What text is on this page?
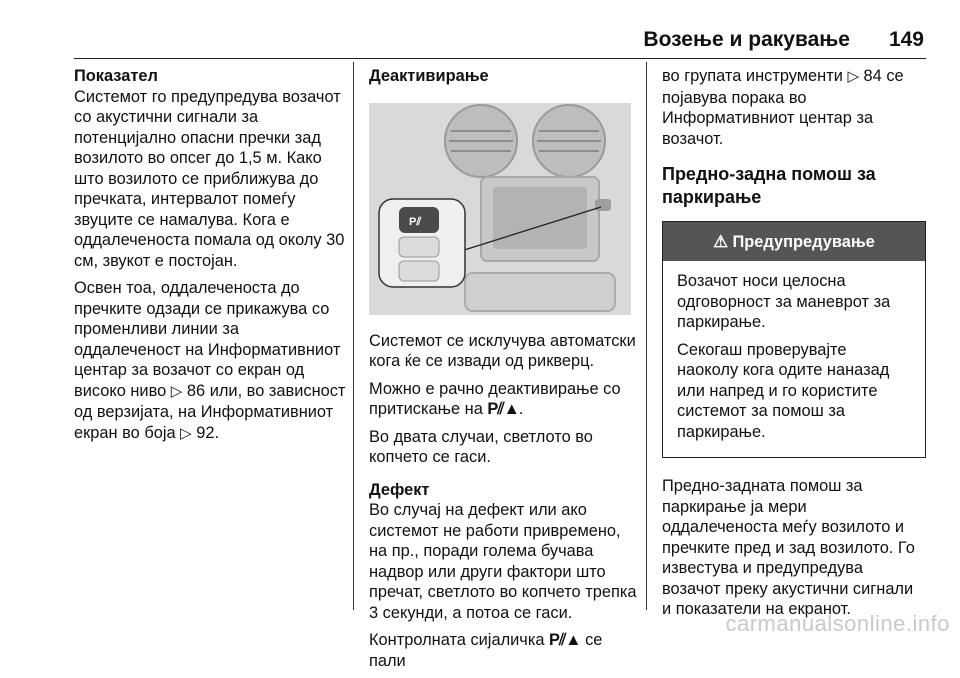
Возење и ракување	149
Показател

Системот го предупредува возачот со акустични сигнали за потенцијално опасни пречки зад возилото во опсег до 1,5 м. Како што возилото се приближува до пречката, интервалот помеѓу звуците се намалува. Кога е оддалеченоста помала од околу 30 см, звукот е постојан.

Освен тоа, оддалеченоста до пречките одзади се прикажува со променливи линии за оддалеченост на Информативниот центар за возачот со екран од високо ниво ▷ 86 или, во зависност од верзијата, на Информативниот екран во боја ▷ 92.

Деактивирање
P⫽

Системот се исклучува автоматски кога ќе се извади од рикверц.

Можно е рачно деактивирање со притискање на P⫽▲.

Во двата случаи, светлото во копчето се гаси.

Дефект

Во случај на дефект или ако системот не работи привремено, на пр., поради голема бучава надвор или други фактори што пречат, светлото во копчето трепка 3 секунди, а потоа се гаси.

Контролната сијаличка P⫽▲ се пали

во групата инструменти ▷ 84 се појавува порака во Информативниот центар за возачот.

Предно-задна помош за паркирање
⚠ Предупредување

Возачот носи целосна одговорност за маневрот за паркирање.

Секогаш проверувајте наоколу кога одите наназад или напред и го користите системот за помош за паркирање.

Предно-задната помош за паркирање ја мери оддалеченоста меѓу возилото и пречките пред и зад возилото. Го известува и предупредува возачот преку акустични сигнали и показатели на екранот.

carmanualsonline.info
